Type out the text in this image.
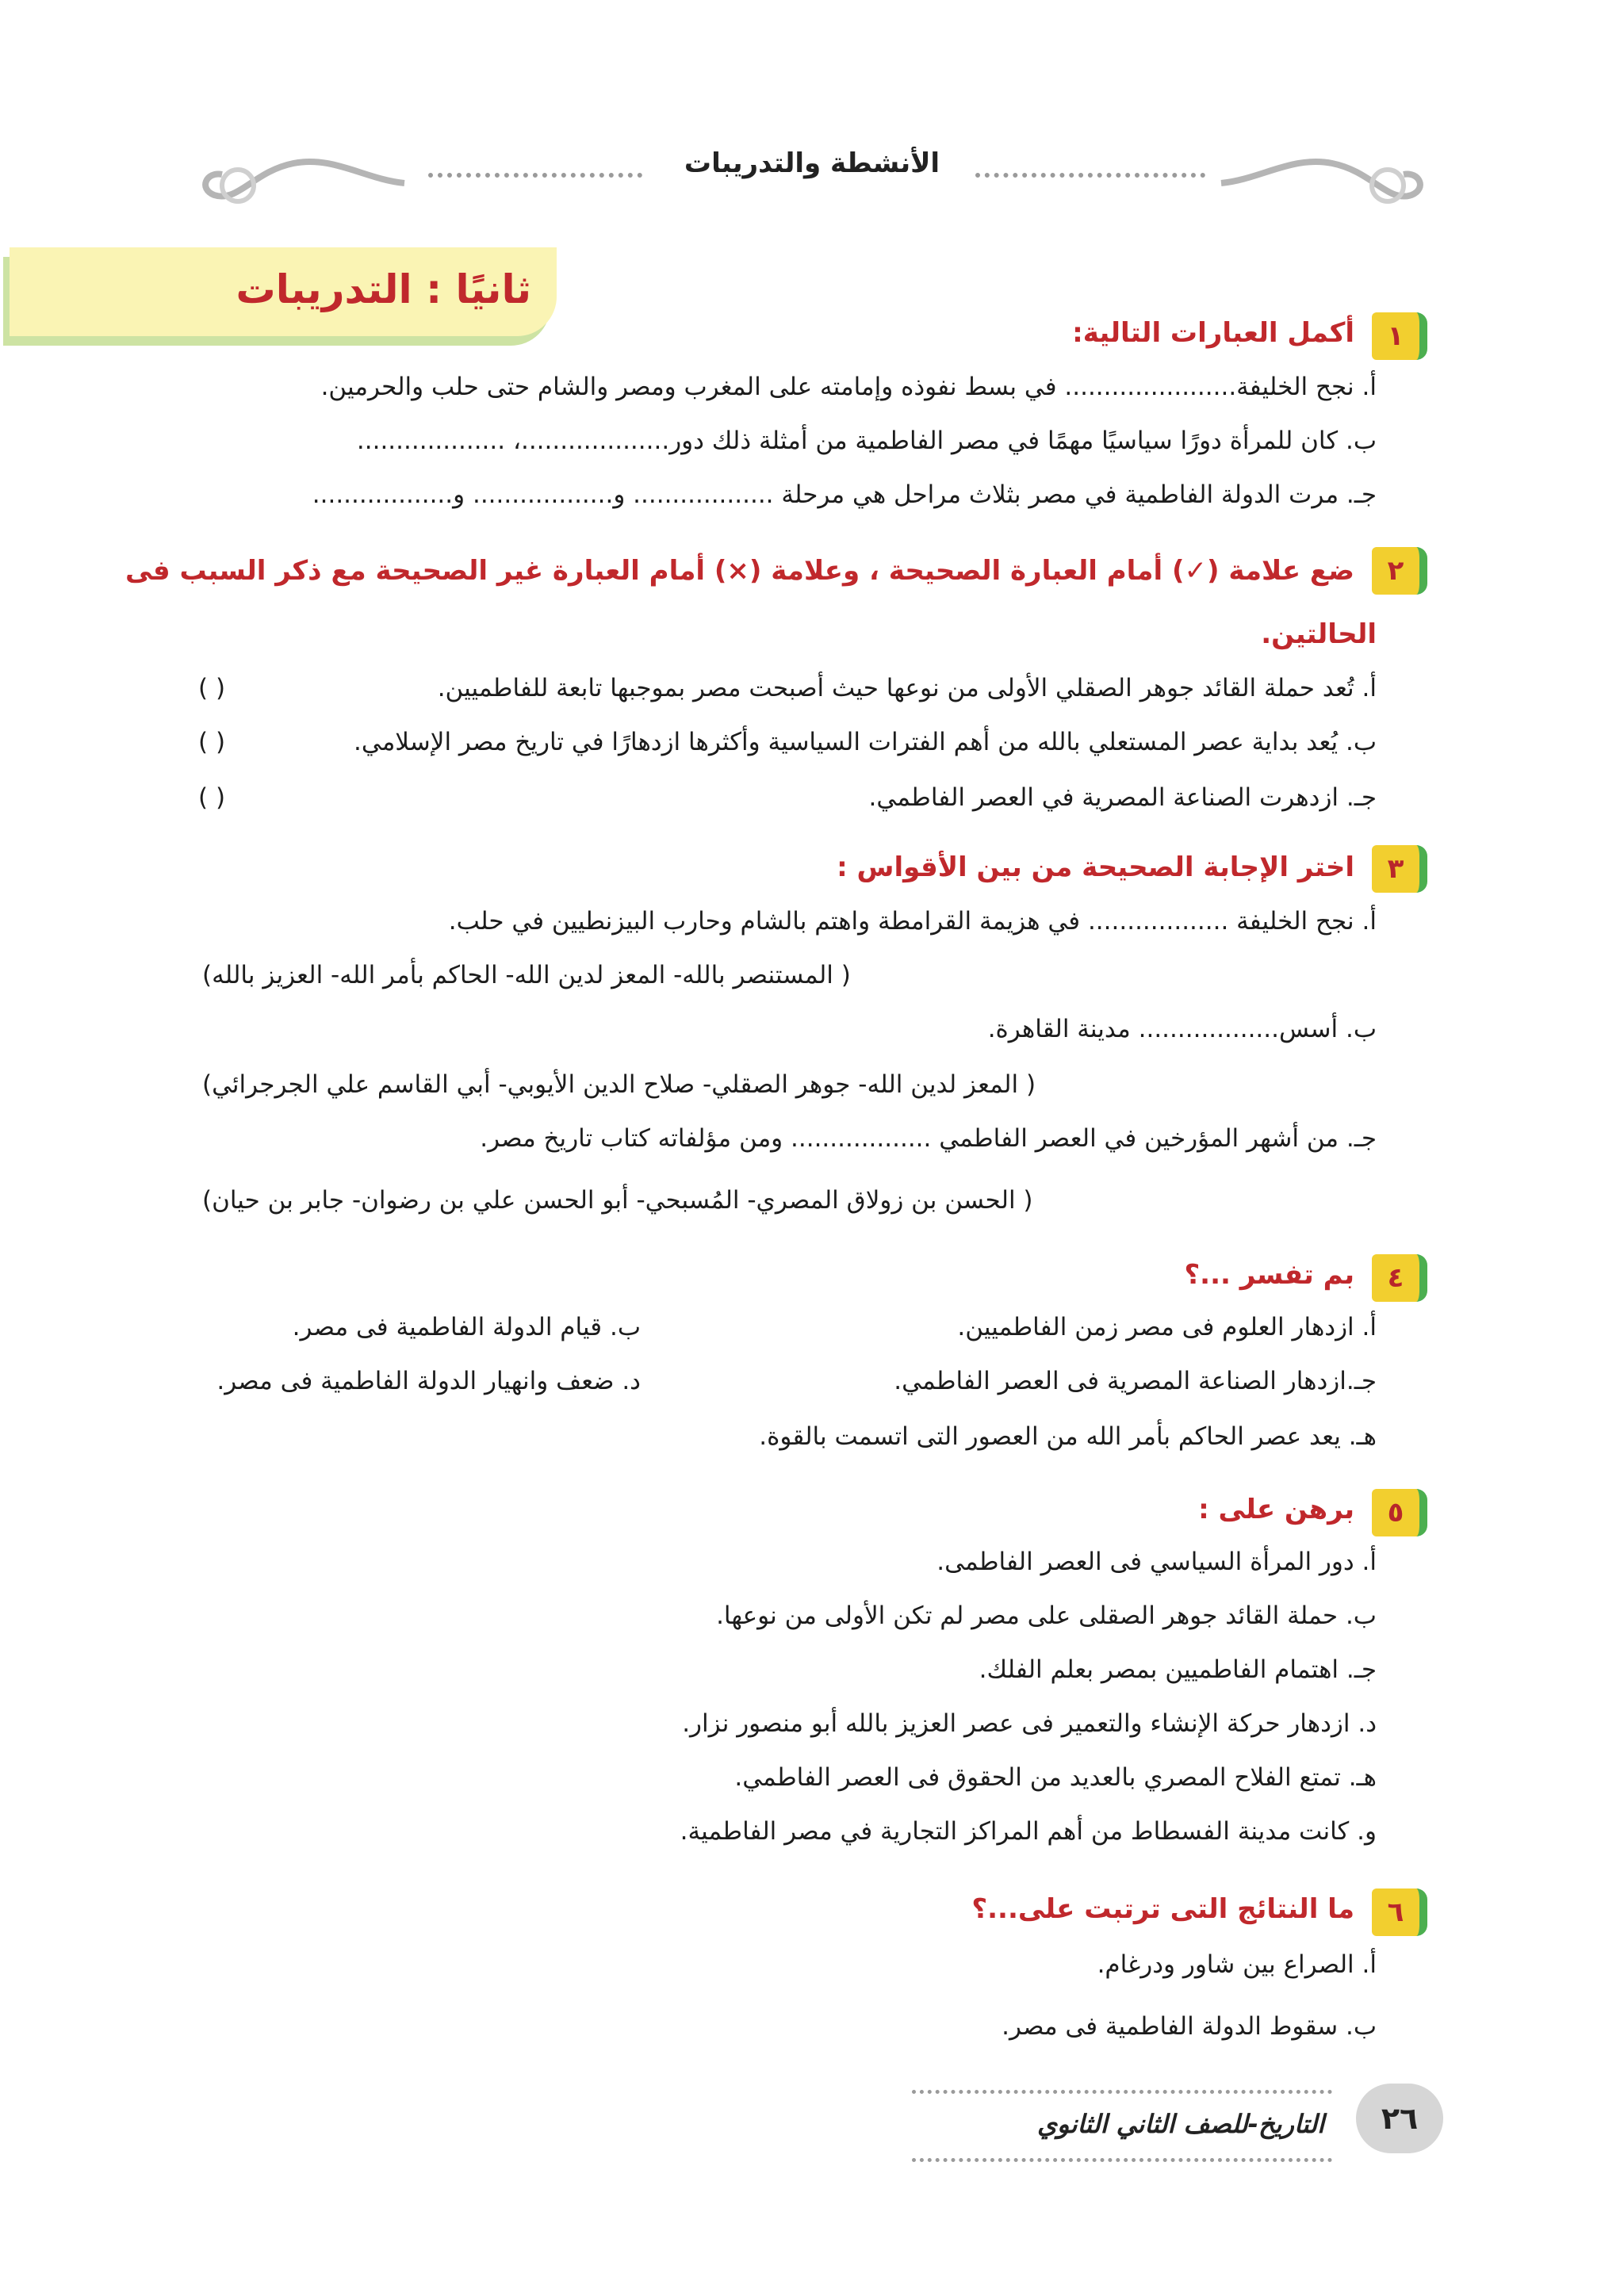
الأنشطة والتدريبات
ثانيًا : التدريبات
١
أكمل العبارات التالية:
أ. نجح الخليفة...................... في بسط نفوذه وإمامته على المغرب ومصر والشام حتى حلب والحرمين.
ب. كان للمرأة دورًا سياسيًا مهمًا في مصر الفاطمية من أمثلة ذلك دور...................، ...................
جـ. مرت الدولة الفاطمية في مصر بثلاث مراحل هي مرحلة .................. و.................. و..................
٢
ضع علامة (✓) أمام العبارة الصحيحة ، وعلامة (×) أمام العبارة غير الصحيحة مع ذكر السبب فى
الحالتين.
أ. تُعد حملة القائد جوهر الصقلي الأولى من نوعها حيث أصبحت مصر بموجبها تابعة للفاطميين.
( )
ب. يُعد بداية عصر المستعلي بالله من أهم الفترات السياسية وأكثرها ازدهارًا في تاريخ مصر الإسلامي.
( )
جـ. ازدهرت الصناعة المصرية في العصر الفاطمي.
( )
٣
اختر الإجابة الصحيحة من بين الأقواس :
أ. نجح الخليفة .................. في هزيمة القرامطة واهتم بالشام وحارب البيزنطيين في حلب.
( المستنصر بالله- المعز لدين الله- الحاكم بأمر الله- العزيز بالله)
ب. أسس.................. مدينة القاهرة.
( المعز لدين الله- جوهر الصقلي- صلاح الدين الأيوبي- أبي القاسم علي الجرجرائي)
جـ. من أشهر المؤرخين في العصر الفاطمي .................. ومن مؤلفاته كتاب تاريخ مصر.
( الحسن بن زولاق المصري- المُسبحي- أبو الحسن علي بن رضوان- جابر بن حيان)
٤
بم تفسر ...؟
أ. ازدهار العلوم فى مصر زمن الفاطميين.
ب. قيام الدولة الفاطمية فى مصر.
جـ.ازدهار الصناعة المصرية فى العصر الفاطمي.
د. ضعف وانهيار الدولة الفاطمية فى مصر.
هـ. يعد عصر الحاكم بأمر الله من العصور التى اتسمت بالقوة.
٥
برهن على :
أ. دور المرأة السياسي فى العصر الفاطمى.
ب. حملة القائد جوهر الصقلى على مصر لم تكن الأولى من نوعها.
جـ. اهتمام الفاطميين بمصر بعلم الفلك.
د. ازدهار حركة الإنشاء والتعمير فى عصر العزيز بالله أبو منصور نزار.
هـ. تمتع الفلاح المصري بالعديد من الحقوق فى العصر الفاطمي.
و. كانت مدينة الفسطاط من أهم المراكز التجارية في مصر الفاطمية.
٦
ما النتائج التى ترتبت على...؟
أ. الصراع بين شاور ودرغام.
ب. سقوط الدولة الفاطمية فى مصر.
التاريخ-للصف الثاني الثانوي	٢٦
